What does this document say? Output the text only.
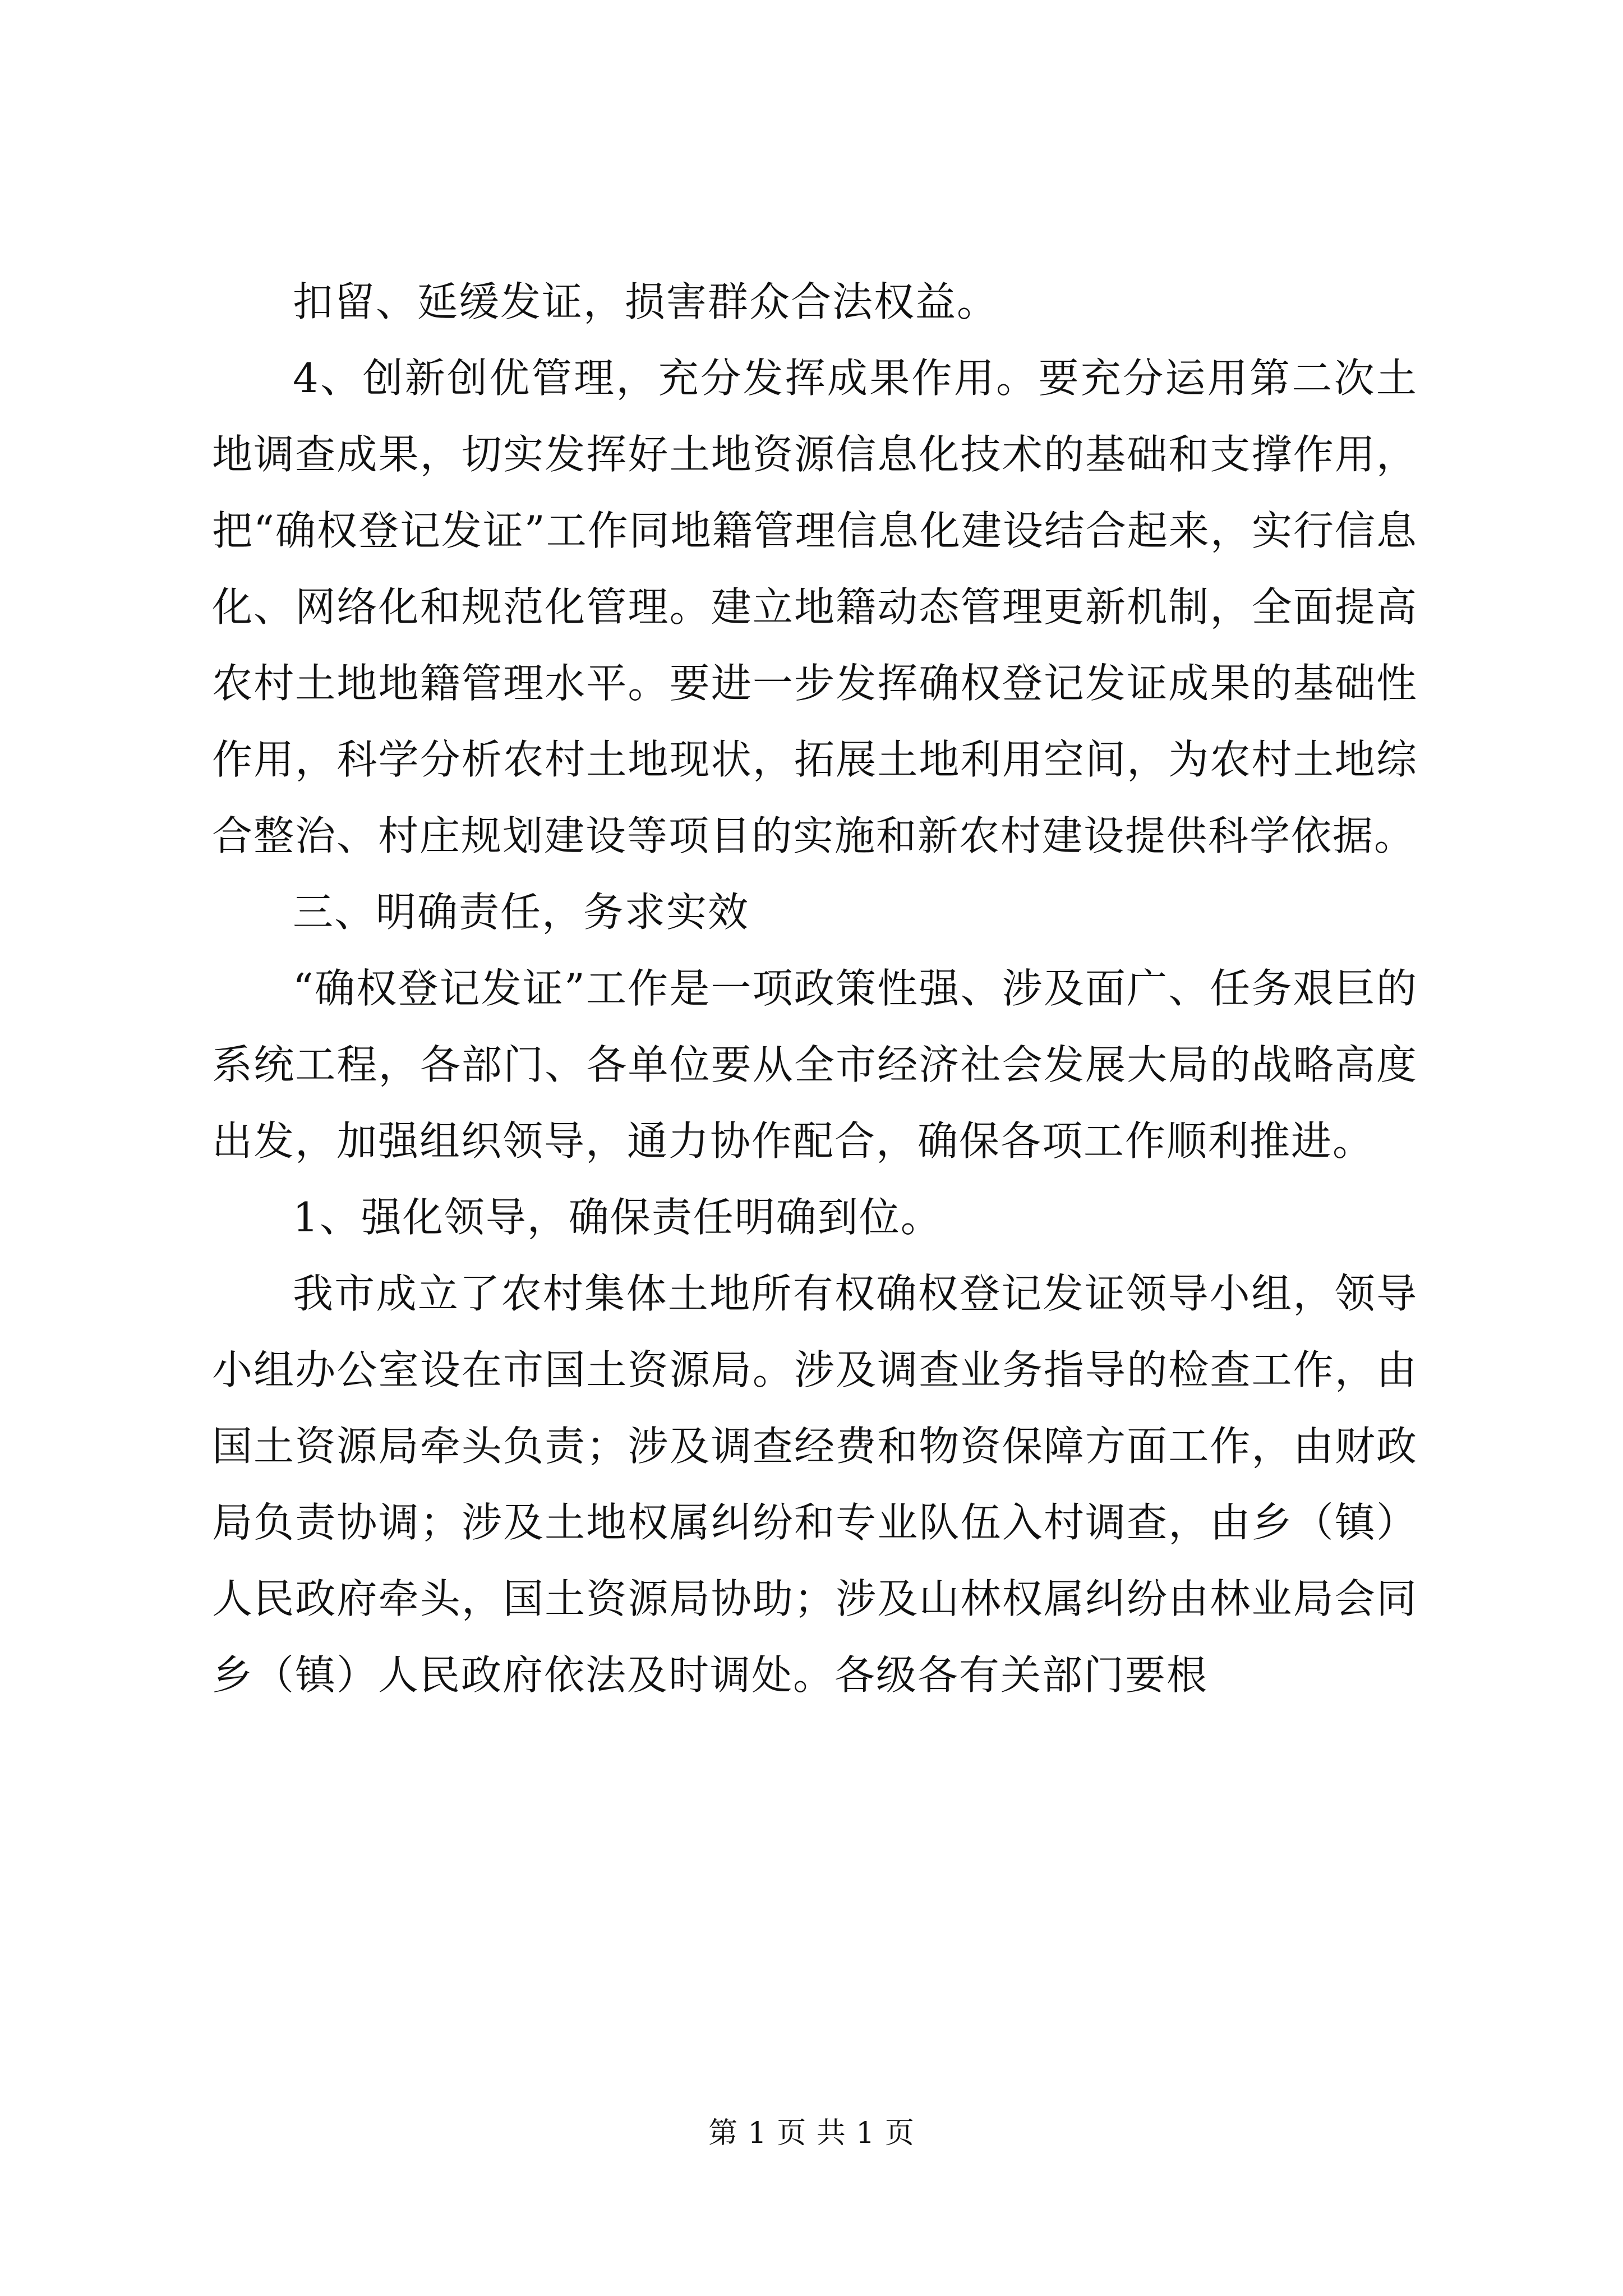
扣留、延缓发证，损害群众合法权益。

4、创新创优管理，充分发挥成果作用。要充分运用第二次土地调查成果，切实发挥好土地资源信息化技术的基础和支撑作用，把“确权登记发证”工作同地籍管理信息化建设结合起来，实行信息化、网络化和规范化管理。建立地籍动态管理更新机制，全面提高农村土地地籍管理水平。要进一步发挥确权登记发证成果的基础性作用，科学分析农村土地现状，拓展土地利用空间，为农村土地综合整治、村庄规划建设等项目的实施和新农村建设提供科学依据。

三、明确责任，务求实效

“确权登记发证”工作是一项政策性强、涉及面广、任务艰巨的系统工程，各部门、各单位要从全市经济社会发展大局的战略高度出发，加强组织领导，通力协作配合，确保各项工作顺利推进。

1、强化领导，确保责任明确到位。

我市成立了农村集体土地所有权确权登记发证领导小组，领导小组办公室设在市国土资源局。涉及调查业务指导的检查工作，由国土资源局牵头负责；涉及调查经费和物资保障方面工作，由财政局负责协调；涉及土地权属纠纷和专业队伍入村调查，由乡（镇）人民政府牵头，国土资源局协助；涉及山林权属纠纷由林业局会同乡（镇）人民政府依法及时调处。各级各有关部门要根

第 1 页 共 1 页
